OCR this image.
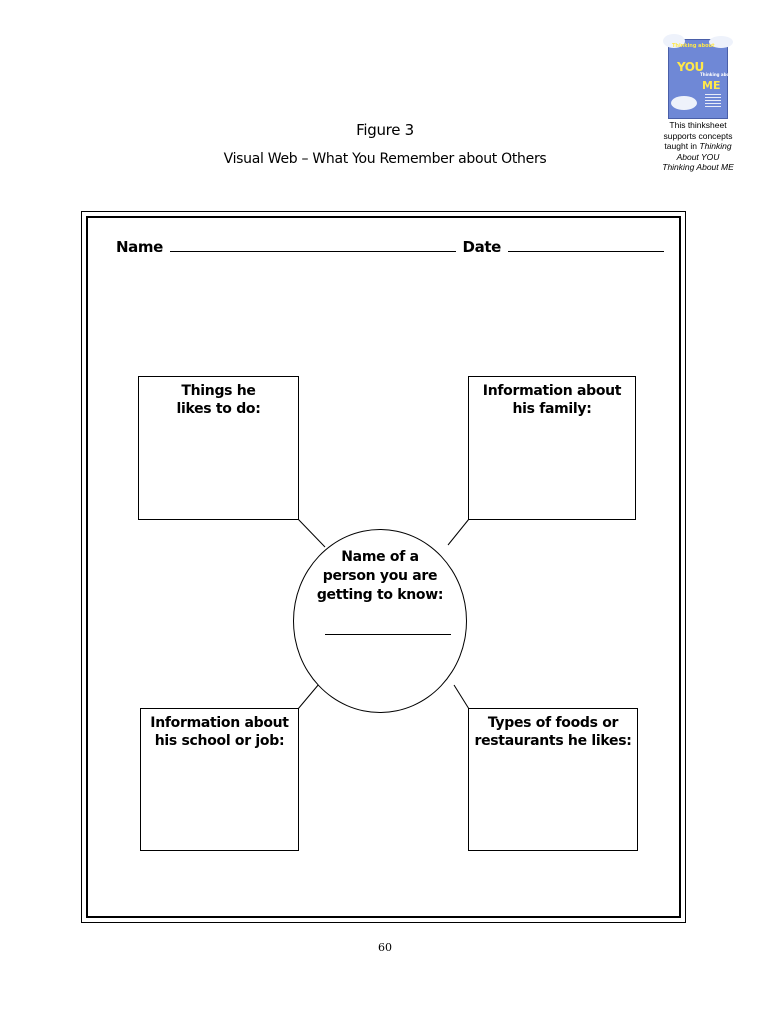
Thinking about
YOU
Thinking about
ME
This thinksheet
supports concepts
taught in Thinking
About YOU
Thinking About ME
Figure 3
Visual Web – What You Remember about Others
Name	Date
Things he
likes to do:
Information about
his family:
Information about
his school or job:
Types of foods or
restaurants he likes:
Name of a
person you are
getting to know:
60
